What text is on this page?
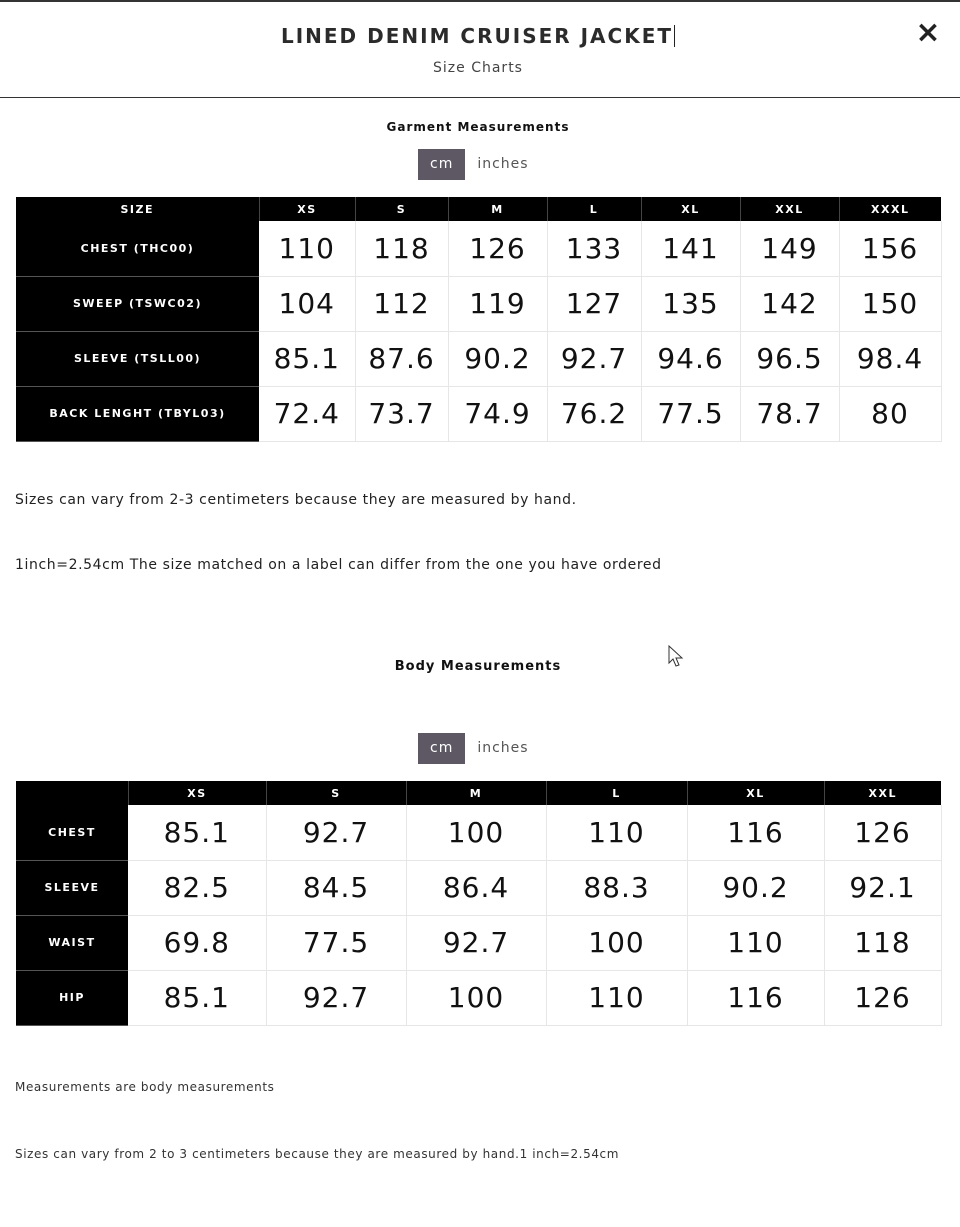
LINED DENIM CRUISER JACKET
Size Charts
×
Garment Measurements
cm	inches
SIZE	XS	S	M	L	XL	XXL	XXXL
CHEST (THC00)	110	118	126	133	141	149	156
SWEEP (TSWC02)	104	112	119	127	135	142	150
SLEEVE (TSLL00)	85.1	87.6	90.2	92.7	94.6	96.5	98.4
BACK LENGHT (TBYL03)	72.4	73.7	74.9	76.2	77.5	78.7	80
Sizes can vary from 2-3 centimeters because they are measured by hand.
1inch=2.54cm The size matched on a label can differ from the one you have ordered
Body Measurements
cm	inches
	XS	S	M	L	XL	XXL
CHEST	85.1	92.7	100	110	116	126
SLEEVE	82.5	84.5	86.4	88.3	90.2	92.1
WAIST	69.8	77.5	92.7	100	110	118
HIP	85.1	92.7	100	110	116	126
Measurements are body measurements
Sizes can vary from 2 to 3 centimeters because they are measured by hand.1 inch=2.54cm
